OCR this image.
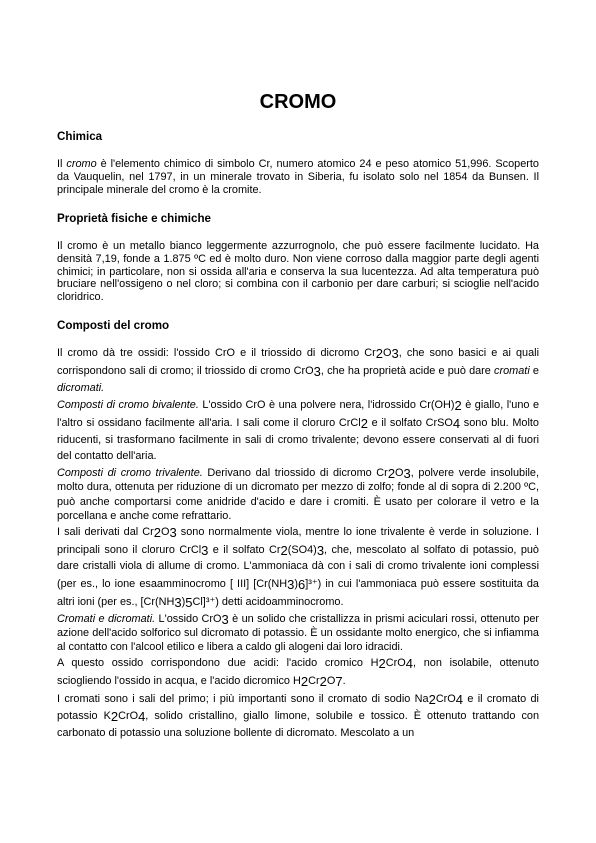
CROMO
Chimica

Il cromo è l'elemento chimico di simbolo Cr, numero atomico 24 e peso atomico 51,996. Scoperto da Vauquelin, nel 1797, in un minerale trovato in Siberia, fu isolato solo nel 1854 da Bunsen. Il principale minerale del cromo è la cromite.

Proprietà fisiche e chimiche

Il cromo è un metallo bianco leggermente azzurrognolo, che può essere facilmente lucidato. Ha densità 7,19, fonde a 1.875 ºC ed è molto duro. Non viene corroso dalla maggior parte degli agenti chimici; in particolare, non si ossida all'aria e conserva la sua lucentezza. Ad alta temperatura può bruciare nell'ossigeno o nel cloro; si combina con il carbonio per dare carburi; si scioglie nell'acido cloridrico.

Composti del cromo

Il cromo dà tre ossidi: l'ossido CrO e il triossido di dicromo Cr2O3, che sono basici e ai quali corrispondono sali di cromo; il triossido di cromo CrO3, che ha proprietà acide e può dare cromati e dicromati.

Composti di cromo bivalente. L'ossido CrO è una polvere nera, l'idrossido Cr(OH)2 è giallo, l'uno e l'altro si ossidano facilmente all'aria. I sali come il cloruro CrCl2 e il solfato CrSO4 sono blu. Molto riducenti, si trasformano facilmente in sali di cromo trivalente; devono essere conservati al di fuori del contatto dell'aria.

Composti di cromo trivalente. Derivano dal triossido di dicromo Cr2O3, polvere verde insolubile, molto dura, ottenuta per riduzione di un dicromato per mezzo di zolfo; fonde al di sopra di 2.200 ºC, può anche comportarsi come anidride d'acido e dare i cromiti. È usato per colorare il vetro e la porcellana e anche come refrattario.

I sali derivati dal Cr2O3 sono normalmente viola, mentre lo ione trivalente è verde in soluzione. I principali sono il cloruro CrCl3 e il solfato Cr2(SO4)3, che, mescolato al solfato di potassio, può dare cristalli viola di allume di cromo. L'ammoniaca dà con i sali di cromo trivalente ioni complessi (per es., lo ione esaamminocromo [ III] [Cr(NH3)6]³⁺) in cui l'ammoniaca può essere sostituita da altri ioni (per es., [Cr(NH3)5Cl]³⁺) detti acidoamminocromo.

Cromati e dicromati. L'ossido CrO3 è un solido che cristallizza in prismi aciculari rossi, ottenuto per azione dell'acido solforico sul dicromato di potassio. È un ossidante molto energico, che si infiamma al contatto con l'alcool etilico e libera a caldo gli alogeni dai loro idracidi.

A questo ossido corrispondono due acidi: l'acido cromico H2CrO4, non isolabile, ottenuto sciogliendo l'ossido in acqua, e l'acido dicromico H2Cr2O7.

I cromati sono i sali del primo; i più importanti sono il cromato di sodio Na2CrO4 e il cromato di potassio K2CrO4, solido cristallino, giallo limone, solubile e tossico. È ottenuto trattando con carbonato di potassio una soluzione bollente di dicromato. Mescolato a un
